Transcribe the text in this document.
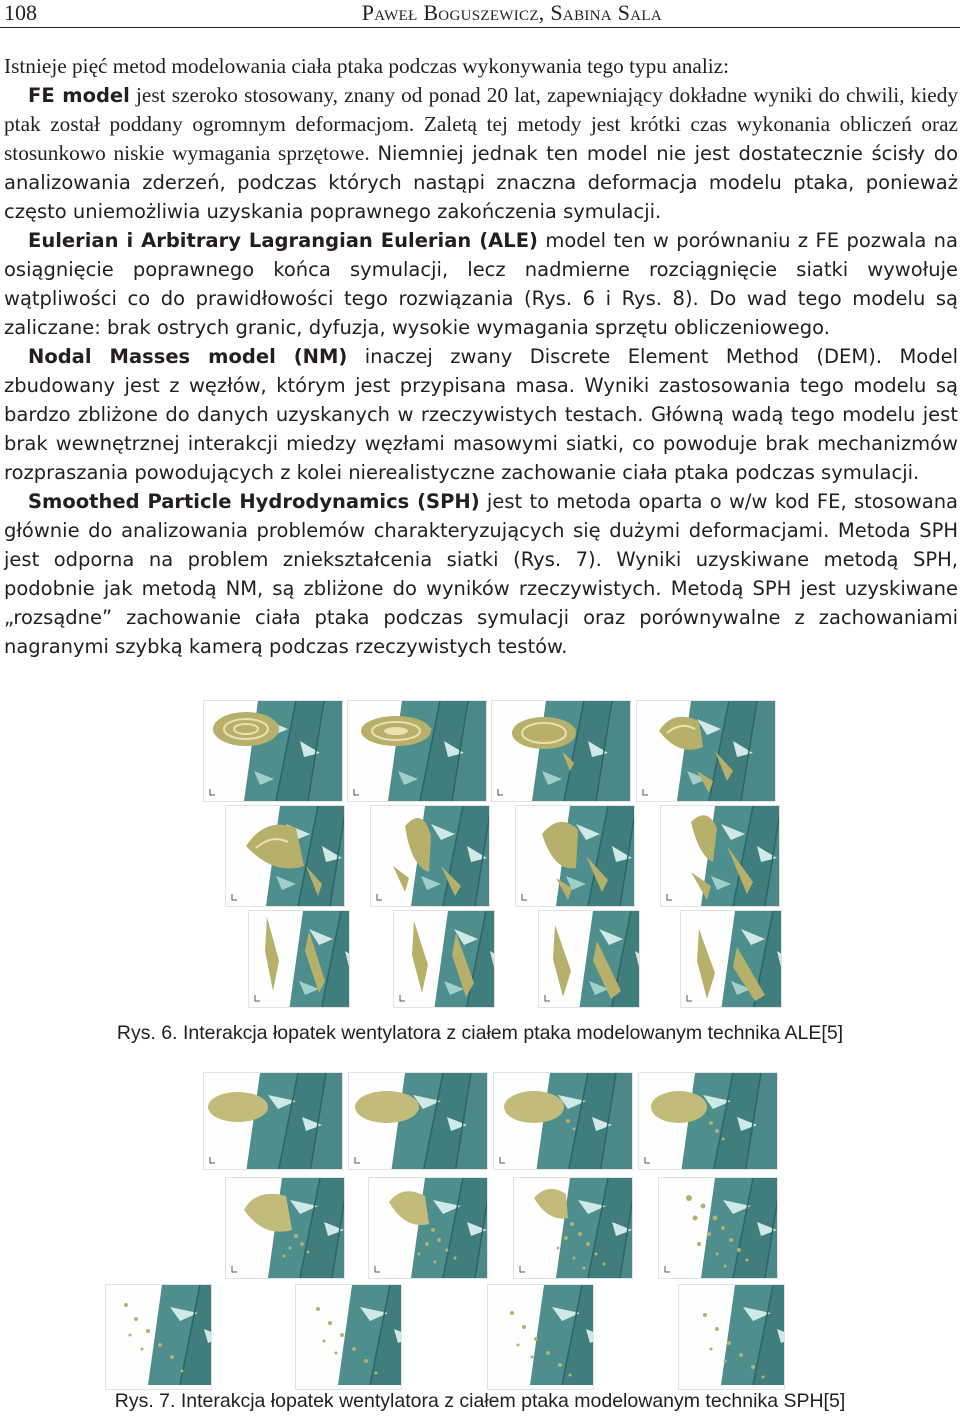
108	Paweł Boguszewicz, Sabina Sala

Istnieje pięć metod modelowania ciała ptaka podczas wykonywania tego typu analiz:

FE model jest szeroko stosowany, znany od ponad 20 lat, zapewniający dokładne wyniki do chwili, kiedy ptak został poddany ogromnym deformacjom. Zaletą tej metody jest krótki czas wykonania obliczeń oraz stosunkowo niskie wymagania sprzętowe. Niemniej jednak ten model nie jest dostatecznie ścisły do analizowania zderzeń, podczas których nastąpi znaczna deformacja modelu ptaka, ponieważ często uniemożliwia uzyskania poprawnego zakończenia symulacji.

Eulerian i Arbitrary Lagrangian Eulerian (ALE) model ten w porównaniu z FE pozwala na osiągnięcie poprawnego końca symulacji, lecz nadmierne rozciągnięcie siatki wywołuje wątpliwości co do prawidłowości tego rozwiązania (Rys. 6 i Rys. 8). Do wad tego modelu są zaliczane: brak ostrych granic, dyfuzja, wysokie wymagania sprzętu obliczeniowego.

Nodal Masses model (NM) inaczej zwany Discrete Element Method (DEM). Model zbudowany jest z węzłów, którym jest przypisana masa. Wyniki zastosowania tego modelu są bardzo zbliżone do danych uzyskanych w rzeczywistych testach. Główną wadą tego modelu jest brak wewnętrznej interakcji miedzy węzłami masowymi siatki, co powoduje brak mechanizmów rozpraszania powodujących z kolei nierealistyczne zachowanie ciała ptaka podczas symulacji.

Smoothed Particle Hydrodynamics (SPH) jest to metoda oparta o w/w kod FE, stosowana głównie do analizowania problemów charakteryzujących się dużymi deformacjami. Metoda SPH jest odporna na problem zniekształcenia siatki (Rys. 7). Wyniki uzyskiwane metodą SPH, podobnie jak metodą NM, są zbliżone do wyników rzeczywistych. Metodą SPH jest uzyskiwane „rozsądne” zachowanie ciała ptaka podczas symulacji oraz porównywalne z zachowaniami nagranymi szybką kamerą podczas rzeczywistych testów.

Rys. 6. Interakcja łopatek wentylatora z ciałem ptaka modelowanym technika ALE[5]
Rys. 7. Interakcja łopatek wentylatora z ciałem ptaka modelowanym technika SPH[5]
